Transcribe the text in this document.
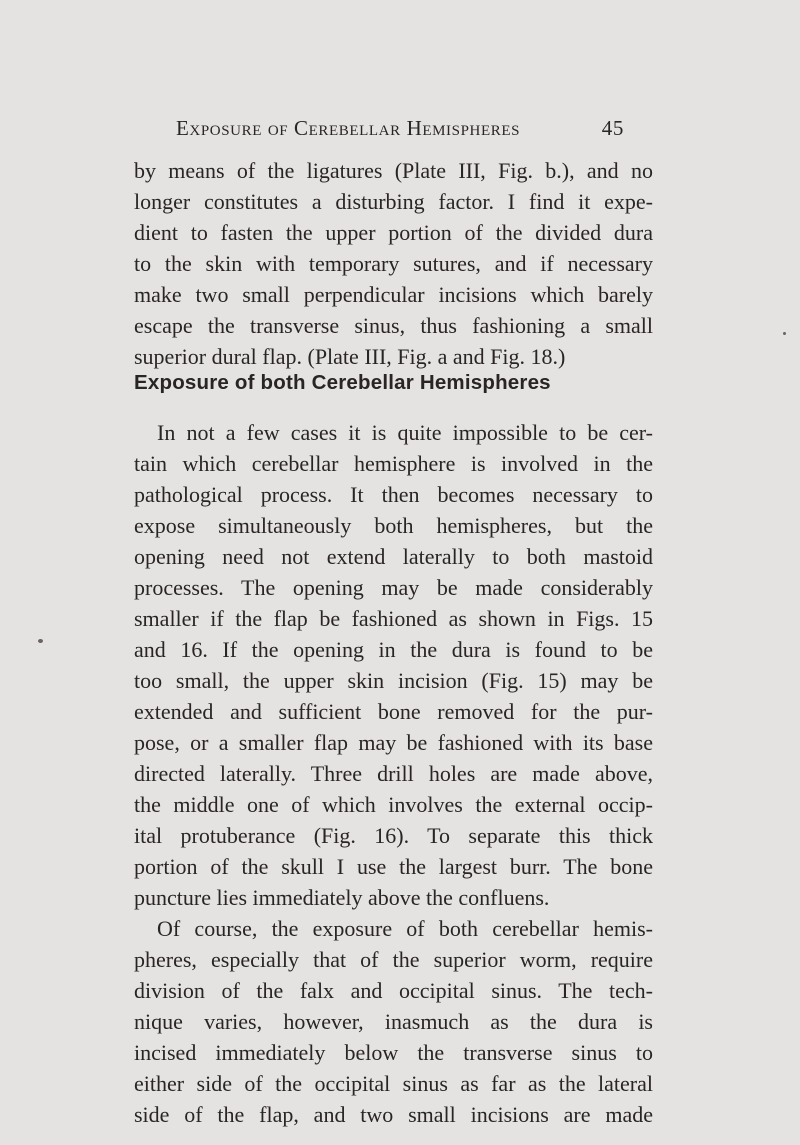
Exposure of Cerebellar Hemispheres	45
by means of the ligatures (Plate III, Fig. b.), and no
longer constitutes a disturbing factor. I find it expe-
dient to fasten the upper portion of the divided dura
to the skin with temporary sutures, and if necessary
make two small perpendicular incisions which barely
escape the transverse sinus, thus fashioning a small
superior dural flap. (Plate III, Fig. a and Fig. 18.)
Exposure of both Cerebellar Hemispheres
In not a few cases it is quite impossible to be cer-
tain which cerebellar hemisphere is involved in the
pathological process. It then becomes necessary to
expose simultaneously both hemispheres, but the
opening need not extend laterally to both mastoid
processes. The opening may be made considerably
smaller if the flap be fashioned as shown in Figs. 15
and 16. If the opening in the dura is found to be
too small, the upper skin incision (Fig. 15) may be
extended and sufficient bone removed for the pur-
pose, or a smaller flap may be fashioned with its base
directed laterally. Three drill holes are made above,
the middle one of which involves the external occip-
ital protuberance (Fig. 16). To separate this thick
portion of the skull I use the largest burr. The bone
puncture lies immediately above the confluens.
Of course, the exposure of both cerebellar hemis-
pheres, especially that of the superior worm, require
division of the falx and occipital sinus. The tech-
nique varies, however, inasmuch as the dura is
incised immediately below the transverse sinus to
either side of the occipital sinus as far as the lateral
side of the flap, and two small incisions are made
